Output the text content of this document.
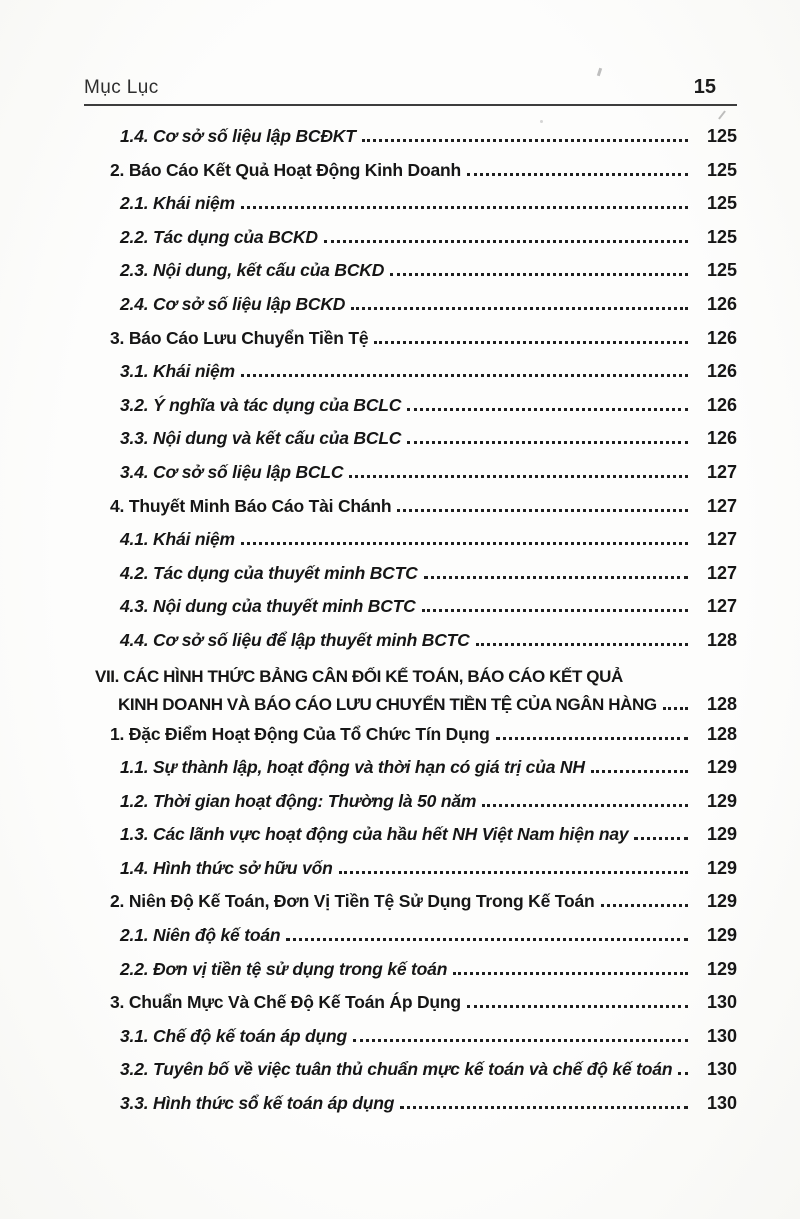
Mục Lục	15
1.4. Cơ sở số liệu lập BCĐKT	125
2. Báo Cáo Kết Quả Hoạt Động Kinh Doanh	125
2.1. Khái niệm	125
2.2. Tác dụng của BCKD	125
2.3. Nội dung, kết cấu của BCKD	125
2.4. Cơ sở số liệu lập BCKD	126
3. Báo Cáo Lưu Chuyển Tiền Tệ	126
3.1. Khái niệm	126
3.2. Ý nghĩa và tác dụng của BCLC	126
3.3. Nội dung và kết cấu của BCLC	126
3.4. Cơ sở số liệu lập BCLC	127
4. Thuyết Minh Báo Cáo Tài Chánh	127
4.1. Khái niệm	127
4.2. Tác dụng của thuyết minh BCTC	127
4.3. Nội dung của thuyết minh BCTC	127
4.4. Cơ sở số liệu để lập thuyết minh BCTC	128
VII. CÁC HÌNH THỨC BẢNG CÂN ĐỐI KẾ TOÁN, BÁO CÁO KẾT QUẢ
KINH DOANH VÀ BÁO CÁO LƯU CHUYỂN TIỀN TỆ CỦA NGÂN HÀNG	128
1. Đặc Điểm Hoạt Động Của Tổ Chức Tín Dụng	128
1.1. Sự thành lập, hoạt động và thời hạn có giá trị của NH	129
1.2. Thời gian hoạt động: Thường là 50 năm	129
1.3. Các lãnh vực hoạt động của hầu hết NH Việt Nam hiện nay	129
1.4. Hình thức sở hữu vốn	129
2. Niên Độ Kế Toán, Đơn Vị Tiền Tệ Sử Dụng Trong Kế Toán	129
2.1. Niên độ kế toán	129
2.2. Đơn vị tiền tệ sử dụng trong kế toán	129
3. Chuẩn Mực Và Chế Độ Kế Toán Áp Dụng	130
3.1. Chế độ kế toán áp dụng	130
3.2. Tuyên bố về việc tuân thủ chuẩn mực kế toán và chế độ kế toán	130
3.3. Hình thức sổ kế toán áp dụng	130
